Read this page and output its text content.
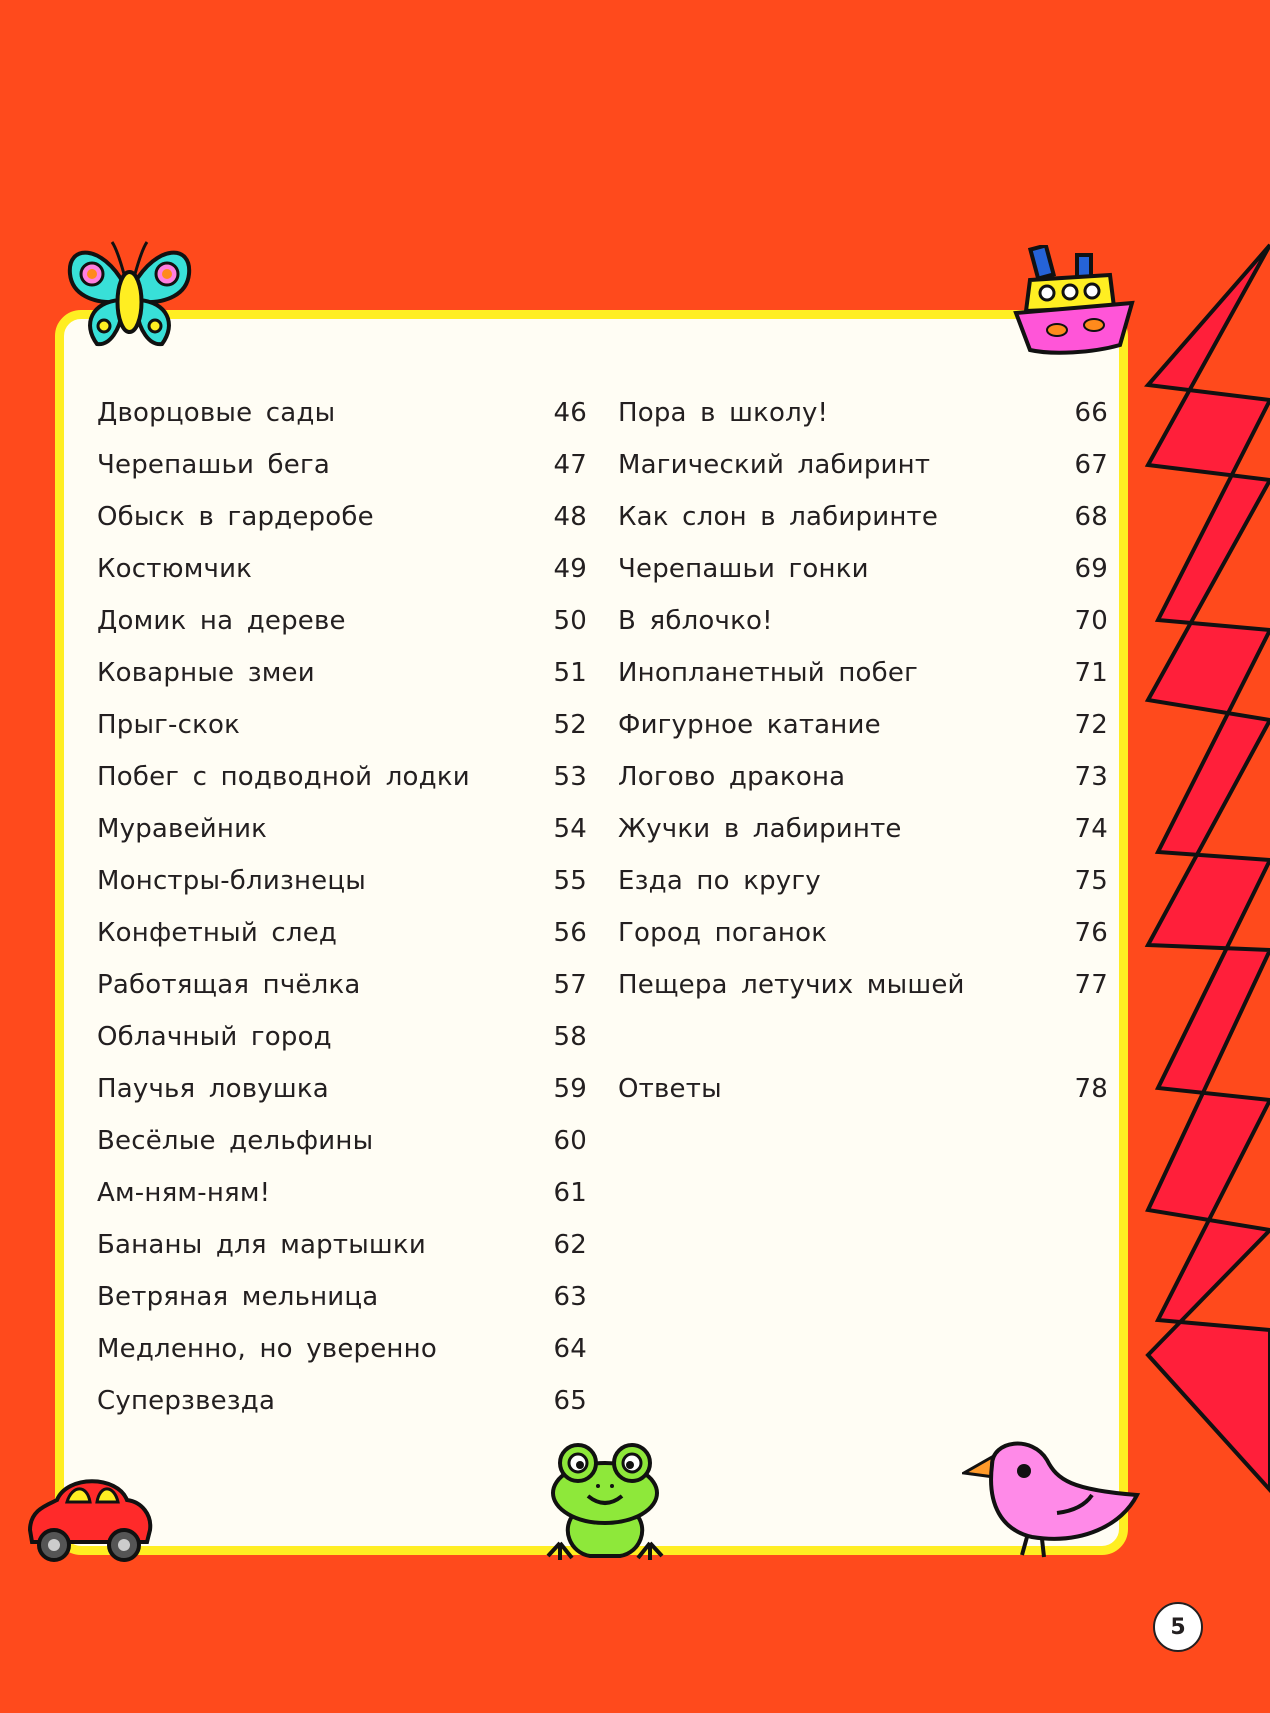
Дворцовые сады	46
Черепашьи бега	47
Обыск в гардеробе	48
Костюмчик	49
Домик на дереве	50
Коварные змеи	51
Прыг-скок	52
Побег с подводной лодки	53
Муравейник	54
Монстры-близнецы	55
Конфетный след	56
Работящая пчёлка	57
Облачный город	58
Паучья ловушка	59
Весёлые дельфины	60
Ам-ням-ням!	61
Бананы для мартышки	62
Ветряная мельница	63
Медленно, но уверенно	64
Суперзвезда	65
Пора в школу!	66
Магический лабиринт	67
Как слон в лабиринте	68
Черепашьи гонки	69
В яблочко!	70
Инопланетный побег	71
Фигурное катание	72
Логово дракона	73
Жучки в лабиринте	74
Езда по кругу	75
Город поганок	76
Пещера летучих мышей	77
Ответы	78
5
